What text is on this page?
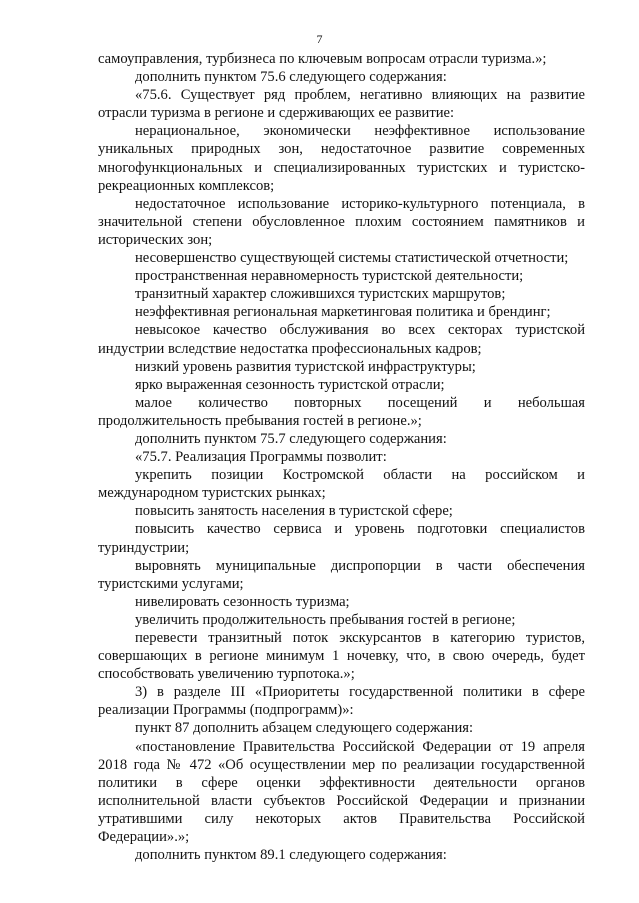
7

самоуправления, турбизнеса по ключевым вопросам отрасли туризма.»;

дополнить пунктом 75.6 следующего содержания:

«75.6. Существует ряд проблем, негативно влияющих на развитие отрасли туризма в регионе и сдерживающих ее развитие:

нерациональное, экономически неэффективное использование уникальных природных зон, недостаточное развитие современных многофункциональных и специализированных туристских и туристско-рекреационных комплексов;

недостаточное использование историко-культурного потенциала, в значительной степени обусловленное плохим состоянием памятников и исторических зон;

несовершенство существующей системы статистической отчетности;

пространственная неравномерность туристской деятельности;

транзитный характер сложившихся туристских маршрутов;

неэффективная региональная маркетинговая политика и брендинг;

невысокое качество обслуживания во всех секторах туристской индустрии вследствие недостатка профессиональных кадров;

низкий уровень развития туристской инфраструктуры;

ярко выраженная сезонность туристской отрасли;

малое количество повторных посещений и небольшая продолжительность пребывания гостей в регионе.»;

дополнить пунктом 75.7 следующего содержания:

«75.7. Реализация Программы позволит:

укрепить позиции Костромской области на российском и международном туристских рынках;

повысить занятость населения в туристской сфере;

повысить качество сервиса и уровень подготовки специалистов туриндустрии;

выровнять муниципальные диспропорции в части обеспечения туристскими услугами;

нивелировать сезонность туризма;

увеличить продолжительность пребывания гостей в регионе;

перевести транзитный поток экскурсантов в категорию туристов, совершающих в регионе минимум 1 ночевку, что, в свою очередь, будет способствовать увеличению турпотока.»;

3) в разделе III «Приоритеты государственной политики в сфере реализации Программы (подпрограмм)»:

пункт 87 дополнить абзацем следующего содержания:

«постановление Правительства Российской Федерации от 19 апреля 2018 года № 472 «Об осуществлении мер по реализации государственной политики в сфере оценки эффективности деятельности органов исполнительной власти субъектов Российской Федерации и признании утратившими силу некоторых актов Правительства Российской Федерации».»;

дополнить пунктом 89.1 следующего содержания:
